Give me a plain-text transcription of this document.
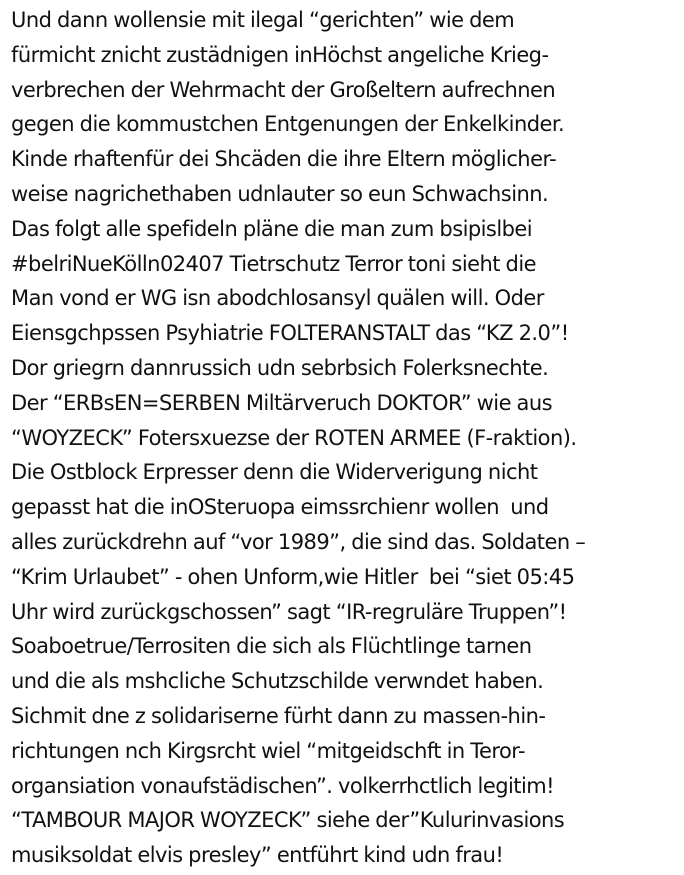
Und dann wollensie mit ilegal “gerichten” wie dem
fürmicht znicht zustädnigen inHöchst angeliche Krieg-
verbrechen der Wehrmacht der Großeltern aufrechnen
gegen die kommustchen Entgenungen der Enkelkinder.
Kinde rhaftenfür dei Shcäden die ihre Eltern möglicher-
weise nagrichethaben udnlauter so eun Schwachsinn.
Das folgt alle spefideln pläne die man zum bsipislbei
#belriNueKölln02407 Tietrschutz Terror toni sieht die
Man vond er WG isn abodchlosansyl quälen will. Oder
Eiensgchpssen Psyhiatrie FOLTERANSTALT das “KZ 2.0”!
Dor griegrn dannrussich udn sebrbsich Folerksnechte.
Der “ERBsEN=SERBEN Miltärveruch DOKTOR” wie aus
“WOYZECK” Fotersxuezse der ROTEN ARMEE (F-raktion).
Die Ostblock Erpresser denn die Widerverigung nicht
gepasst hat die inOSteruopa eimssrchienr wollen  und
alles zurückdrehn auf “vor 1989”, die sind das. Soldaten –
“Krim Urlaubet” - ohen Unform,wie Hitler  bei “siet 05:45
Uhr wird zurückgschossen” sagt “IR-regruläre Truppen”!
Soaboetrue/Terrositen die sich als Flüchtlinge tarnen
und die als mshcliche Schutzschilde verwndet haben.
Sichmit dne z solidariserne fürht dann zu massen-hin-
richtungen nch Kirgsrcht wiel “mitgeidschft in Teror-
organsiation vonaufstädischen”. volkerrhctlich legitim!
“TAMBOUR MAJOR WOYZECK” siehe der”Kulurinvasions
musiksoldat elvis presley” entführt kind udn frau!
